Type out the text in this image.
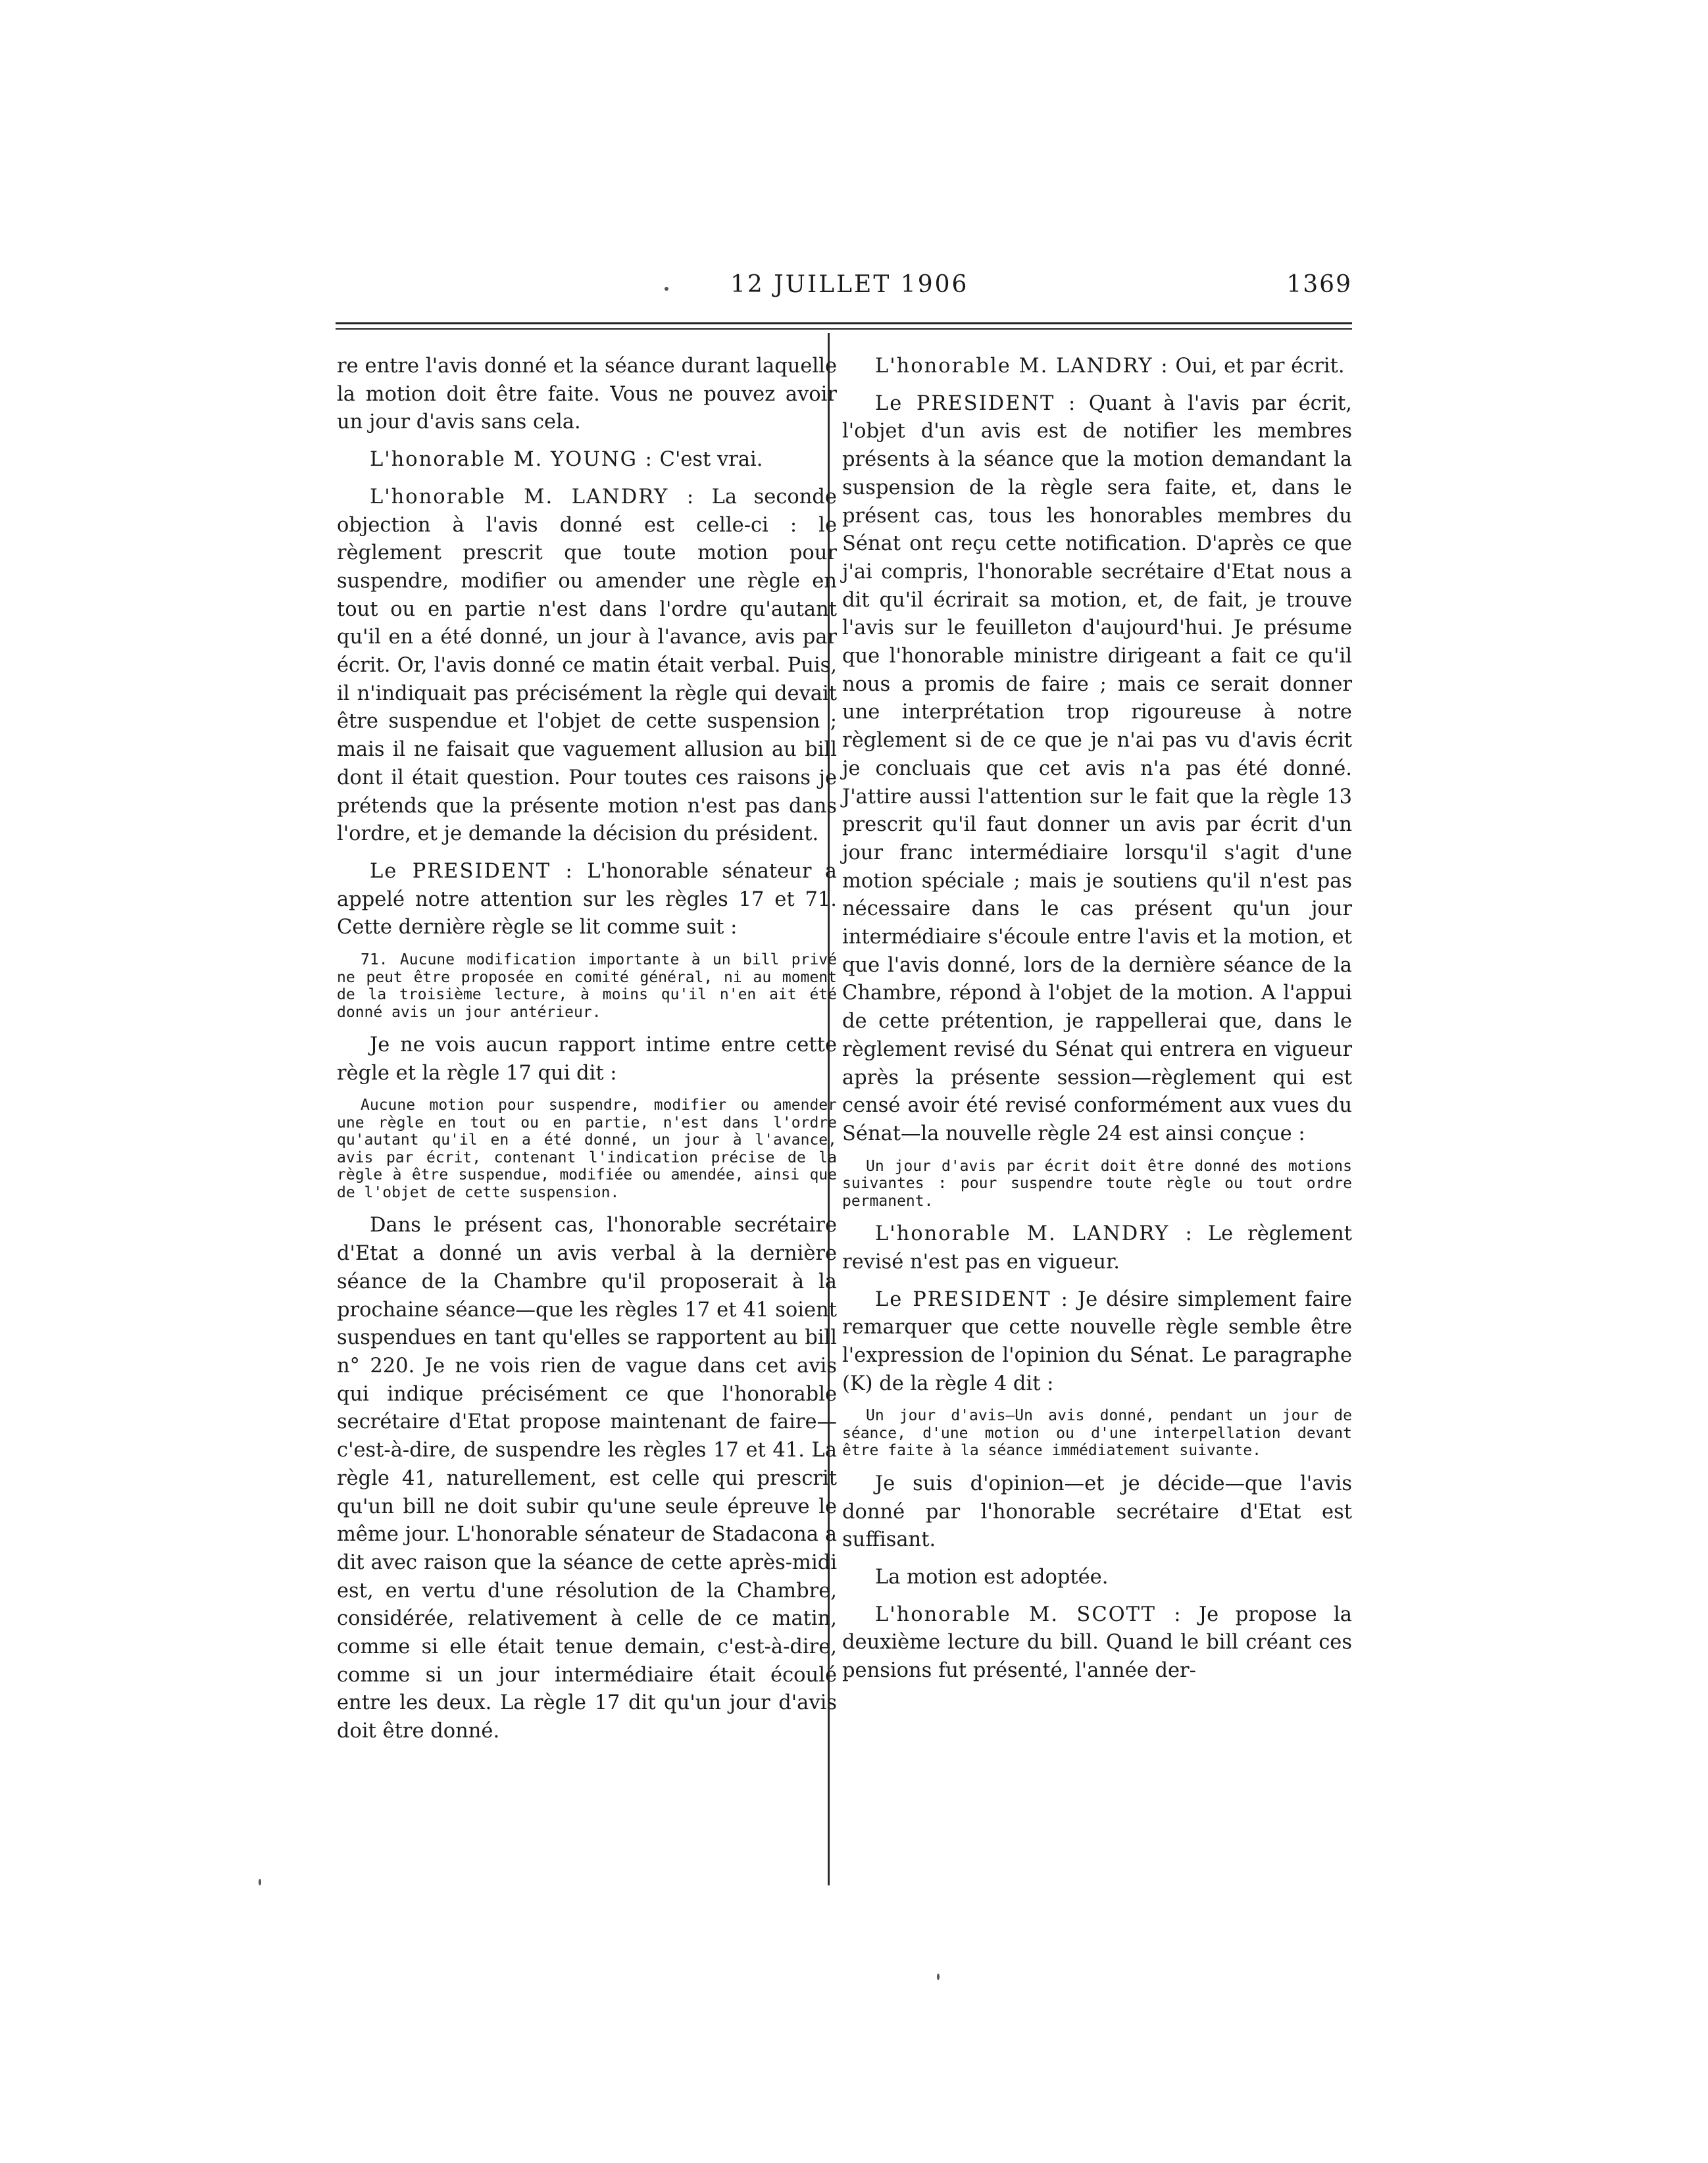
12 JUILLET 1906	1369

re entre l'avis donné et la séance durant laquelle la motion doit être faite. Vous ne pouvez avoir un jour d'avis sans cela.

L'honorable M. YOUNG : C'est vrai.

L'honorable M. LANDRY : La seconde objection à l'avis donné est celle-ci : le règlement prescrit que toute motion pour suspendre, modifier ou amender une règle en tout ou en partie n'est dans l'ordre qu'autant qu'il en a été donné, un jour à l'avance, avis par écrit. Or, l'avis donné ce matin était verbal. Puis, il n'indiquait pas précisément la règle qui devait être suspendue et l'objet de cette suspension ; mais il ne faisait que vaguement allusion au bill dont il était question. Pour toutes ces raisons je prétends que la présente motion n'est pas dans l'ordre, et je demande la décision du président.

Le PRESIDENT : L'honorable sénateur a appelé notre attention sur les règles 17 et 71. Cette dernière règle se lit comme suit :

71. Aucune modification importante à un bill privé ne peut être proposée en comité général, ni au moment de la troisième lecture, à moins qu'il n'en ait été donné avis un jour antérieur.

Je ne vois aucun rapport intime entre cette règle et la règle 17 qui dit :

Aucune motion pour suspendre, modifier ou amender une règle en tout ou en partie, n'est dans l'ordre qu'autant qu'il en a été donné, un jour à l'avance, avis par écrit, contenant l'indication précise de la règle à être suspendue, modifiée ou amendée, ainsi que de l'objet de cette suspension.

Dans le présent cas, l'honorable secrétaire d'Etat a donné un avis verbal à la dernière séance de la Chambre qu'il proposerait à la prochaine séance—que les règles 17 et 41 soient suspendues en tant qu'elles se rapportent au bill n° 220. Je ne vois rien de vague dans cet avis qui indique précisément ce que l'honorable secrétaire d'Etat propose maintenant de faire—c'est-à-dire, de suspendre les règles 17 et 41. La règle 41, naturellement, est celle qui prescrit qu'un bill ne doit subir qu'une seule épreuve le même jour. L'honorable sénateur de Stadacona a dit avec raison que la séance de cette après-midi est, en vertu d'une résolution de la Chambre, considérée, relativement à celle de ce matin, comme si elle était tenue demain, c'est-à-dire, comme si un jour intermédiaire était écoulé entre les deux. La règle 17 dit qu'un jour d'avis doit être donné.

L'honorable M. LANDRY : Oui, et par écrit.

Le PRESIDENT : Quant à l'avis par écrit, l'objet d'un avis est de notifier les membres présents à la séance que la motion demandant la suspension de la règle sera faite, et, dans le présent cas, tous les honorables membres du Sénat ont reçu cette notification. D'après ce que j'ai compris, l'honorable secrétaire d'Etat nous a dit qu'il écrirait sa motion, et, de fait, je trouve l'avis sur le feuilleton d'aujourd'hui. Je présume que l'honorable ministre dirigeant a fait ce qu'il nous a promis de faire ; mais ce serait donner une interprétation trop rigoureuse à notre règlement si de ce que je n'ai pas vu d'avis écrit je concluais que cet avis n'a pas été donné. J'attire aussi l'attention sur le fait que la règle 13 prescrit qu'il faut donner un avis par écrit d'un jour franc intermédiaire lorsqu'il s'agit d'une motion spéciale ; mais je soutiens qu'il n'est pas nécessaire dans le cas présent qu'un jour intermédiaire s'écoule entre l'avis et la motion, et que l'avis donné, lors de la dernière séance de la Chambre, répond à l'objet de la motion. A l'appui de cette prétention, je rappellerai que, dans le règlement revisé du Sénat qui entrera en vigueur après la présente session—règlement qui est censé avoir été revisé conformément aux vues du Sénat—la nouvelle règle 24 est ainsi conçue :

Un jour d'avis par écrit doit être donné des motions suivantes : pour suspendre toute règle ou tout ordre permanent.

L'honorable M. LANDRY : Le règlement revisé n'est pas en vigueur.

Le PRESIDENT : Je désire simplement faire remarquer que cette nouvelle règle semble être l'expression de l'opinion du Sénat. Le paragraphe (K) de la règle 4 dit :

Un jour d'avis—Un avis donné, pendant un jour de séance, d'une motion ou d'une interpellation devant être faite à la séance immédiatement suivante.

Je suis d'opinion—et je décide—que l'avis donné par l'honorable secrétaire d'Etat est suffisant.

La motion est adoptée.

L'honorable M. SCOTT : Je propose la deuxième lecture du bill. Quand le bill créant ces pensions fut présenté, l'année der-
